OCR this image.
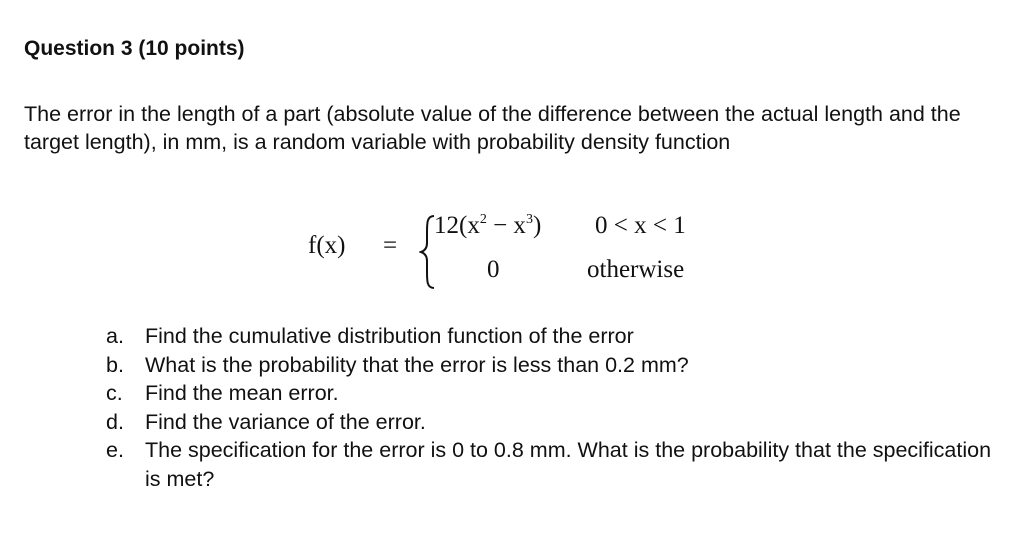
Question 3 (10 points)

The error in the length of a part (absolute value of the difference between the actual length and the target length), in mm, is a random variable with probability density function

f(x) =
$12(x^2 - x^3) 0 < x < 1$
0	otherwise
a. Find the cumulative distribution function of the error
b. What is the probability that the error is less than 0.2 mm?
c. Find the mean error.
d. Find the variance of the error.
e. The specification for the error is 0 to 0.8 mm. What is the probability that the specification is met?
